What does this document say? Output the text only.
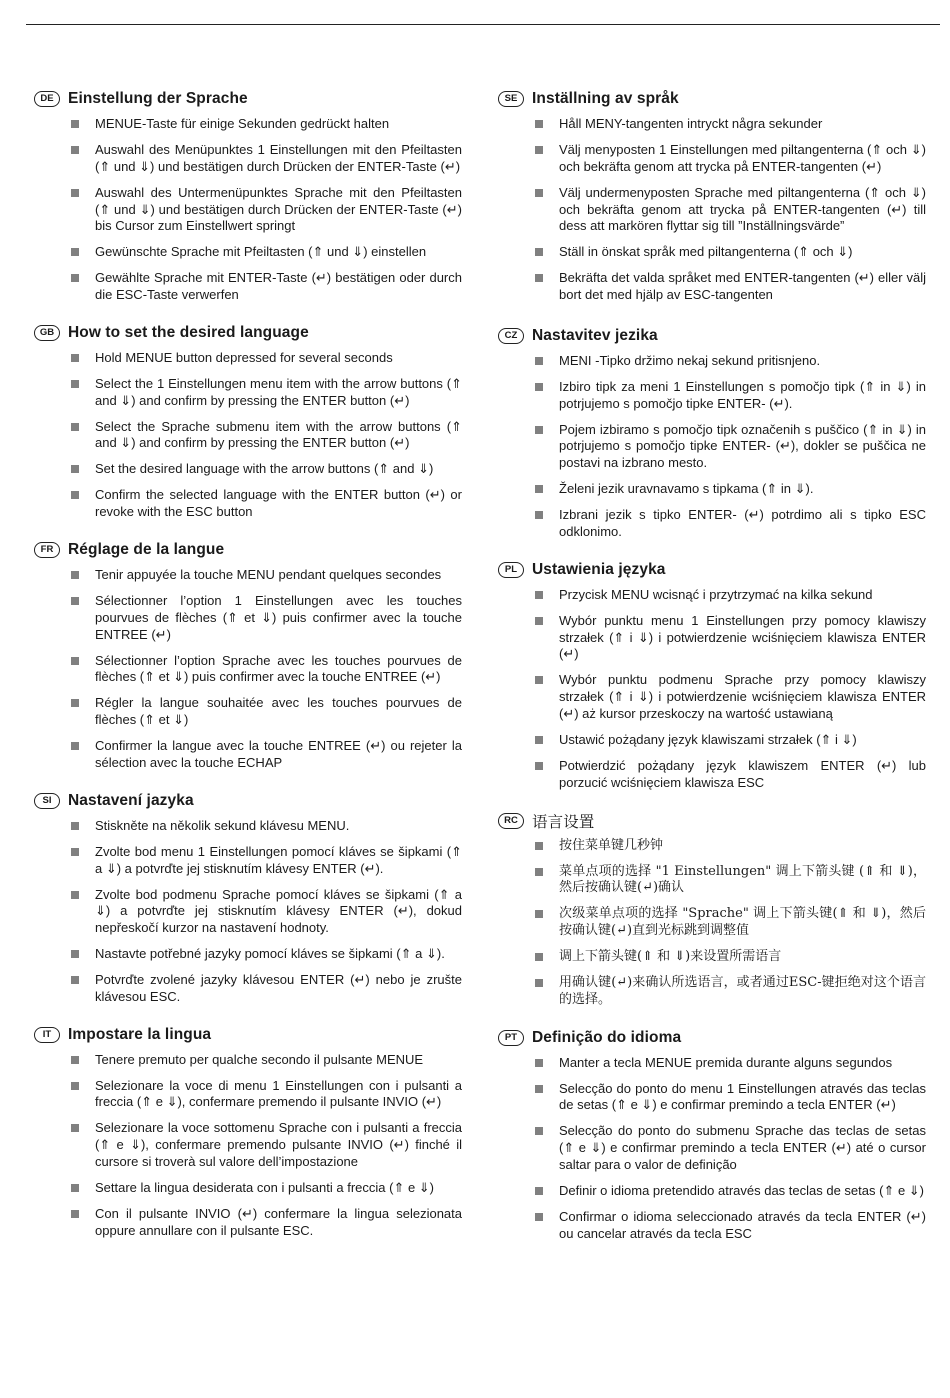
DE Einstellung der Sprache
MENUE-Taste für einige Sekunden gedrückt halten
Auswahl des Menüpunktes 1 Einstellungen mit den Pfeiltasten (⇑ und ⇓) und bestätigen durch Drücken der ENTER-Taste (↵)
Auswahl des Untermenüpunktes Sprache mit den Pfeiltasten (⇑ und ⇓) und bestätigen durch Drücken der ENTER-Taste (↵) bis Cursor zum Einstellwert springt
Gewünschte Sprache mit Pfeiltasten (⇑ und ⇓) einstellen
Gewählte Sprache mit ENTER-Taste (↵) bestätigen oder durch die ESC-Taste verwerfen
GB How to set the desired language
Hold MENUE button depressed for several seconds
Select the 1 Einstellungen menu item with the arrow buttons (⇑ and ⇓) and confirm by pressing the ENTER button (↵)
Select the Sprache submenu item with the arrow buttons (⇑ and ⇓) and confirm by pressing the ENTER button (↵)
Set the desired language with the arrow buttons (⇑ and ⇓)
Confirm the selected language with the ENTER button (↵) or revoke with the ESC button
FR Réglage de la langue
Tenir appuyée la touche MENU pendant quelques secondes
Sélectionner l’option 1 Einstellungen avec les touches pourvues de flèches (⇑ et ⇓) puis confirmer avec la touche ENTREE (↵)
Sélectionner l’option Sprache avec les touches pourvues de flèches (⇑ et ⇓) puis confirmer avec la touche ENTREE (↵)
Régler la langue souhaitée avec les touches pourvues de flèches (⇑ et ⇓)
Confirmer la langue avec la touche ENTREE (↵) ou rejeter la sélection avec la touche ECHAP
SI	Nastavení jazyka
Stiskněte na několik sekund klávesu MENU.
Zvolte bod menu 1 Einstellungen pomocí kláves se šipkami (⇑ a ⇓) a potvrďte jej stisknutím klávesy ENTER (↵).
Zvolte bod podmenu Sprache pomocí kláves se šipkami (⇑ a ⇓) a potvrďte jej stisknutím klávesy ENTER (↵), dokud nepřeskočí kurzor na nastavení hodnoty.
Nastavte potřebné jazyky pomocí kláves se šipkami (⇑ a ⇓).
Potvrďte zvolené jazyky klávesou ENTER (↵) nebo je zrušte klávesou ESC.
IT	Impostare la lingua
Tenere premuto per qualche secondo il pulsante MENUE
Selezionare la voce di menu 1 Einstellungen con i pulsanti a freccia (⇑ e ⇓), confermare premendo il pulsante INVIO (↵)
Selezionare la voce sottomenu Sprache con i pulsanti a freccia (⇑ e ⇓), confermare premendo pulsante INVIO (↵) finché il cursore si troverà sul valore dell’impostazione
Settare la lingua desiderata con i pulsanti a freccia (⇑ e ⇓)
Con il pulsante INVIO (↵) confermare la lingua selezionata oppure annullare con il pulsante ESC.
SE Inställning av språk
Håll MENY-tangenten intryckt några sekunder
Välj menyposten 1 Einstellungen med piltangenterna (⇑ och ⇓) och bekräfta genom att trycka på ENTER-tangenten (↵)
Välj undermenyposten Sprache med piltangenterna (⇑ och ⇓) och bekräfta genom att trycka på ENTER-tangenten (↵) till dess att markören flyttar sig till ”Inställningsvärde”
Ställ in önskat språk med piltangenterna (⇑ och ⇓)
Bekräfta det valda språket med ENTER-tangenten (↵) eller välj bort det med hjälp av ESC-tangenten
CZ Nastavitev jezika
MENI -Tipko držimo nekaj sekund pritisnjeno.
Izbiro tipk za meni 1 Einstellungen s pomočjo tipk (⇑ in ⇓) in potrjujemo s pomočjo tipke ENTER- (↵).
Pojem izbiramo s pomočjo tipk označenih s puščico (⇑ in ⇓) in potrjujemo s pomočjo tipke ENTER- (↵), dokler se puščica ne postavi na izbrano mesto.
Želeni jezik uravnavamo s tipkama (⇑ in ⇓).
Izbrani jezik s tipko ENTER- (↵) potrdimo ali s tipko ESC odklonimo.
PL Ustawienia języka
Przycisk MENU wcisnąć i przytrzymać na kilka sekund
Wybór punktu menu 1 Einstellungen przy pomocy klawiszy strzałek (⇑ i ⇓) i potwierdzenie wciśnięciem klawisza ENTER (↵)
Wybór punktu podmenu Sprache przy pomocy klawiszy strzałek (⇑ i ⇓) i potwierdzenie wciśnięciem klawisza ENTER (↵) aż kursor przeskoczy na wartość ustawianą
Ustawić pożądany język klawiszami strzałek (⇑ i ⇓)
Potwierdzić pożądany język klawiszem ENTER (↵) lub porzucić wciśnięciem klawisza ESC
RC 语言设置
按住菜单键几秒钟
菜单点项的选择 "1 Einstellungen" 调上下箭头键 (⇑ 和 ⇓)，然后按确认键(↵)确认
次级菜单点项的选择 "Sprache" 调上下箭头键(⇑ 和 ⇓)，然后按确认键(↵)直到光标跳到调整值
调上下箭头键(⇑ 和 ⇓)来设置所需语言
用确认键(↵)来确认所选语言，或者通过ESC-键拒绝对这个语言的选择。
PT Definição do idioma
Manter a tecla MENUE premida durante alguns segundos
Selecção do ponto do menu 1 Einstellungen através das teclas de setas (⇑ e ⇓) e confirmar premindo a tecla ENTER (↵)
Selecção do ponto do submenu Sprache das teclas de setas (⇑ e ⇓) e confirmar premindo a tecla ENTER (↵) até o cursor saltar para o valor de definição
Definir o idioma pretendido através das teclas de setas (⇑ e ⇓)
Confirmar o idioma seleccionado através da tecla ENTER (↵) ou cancelar através da tecla ESC
